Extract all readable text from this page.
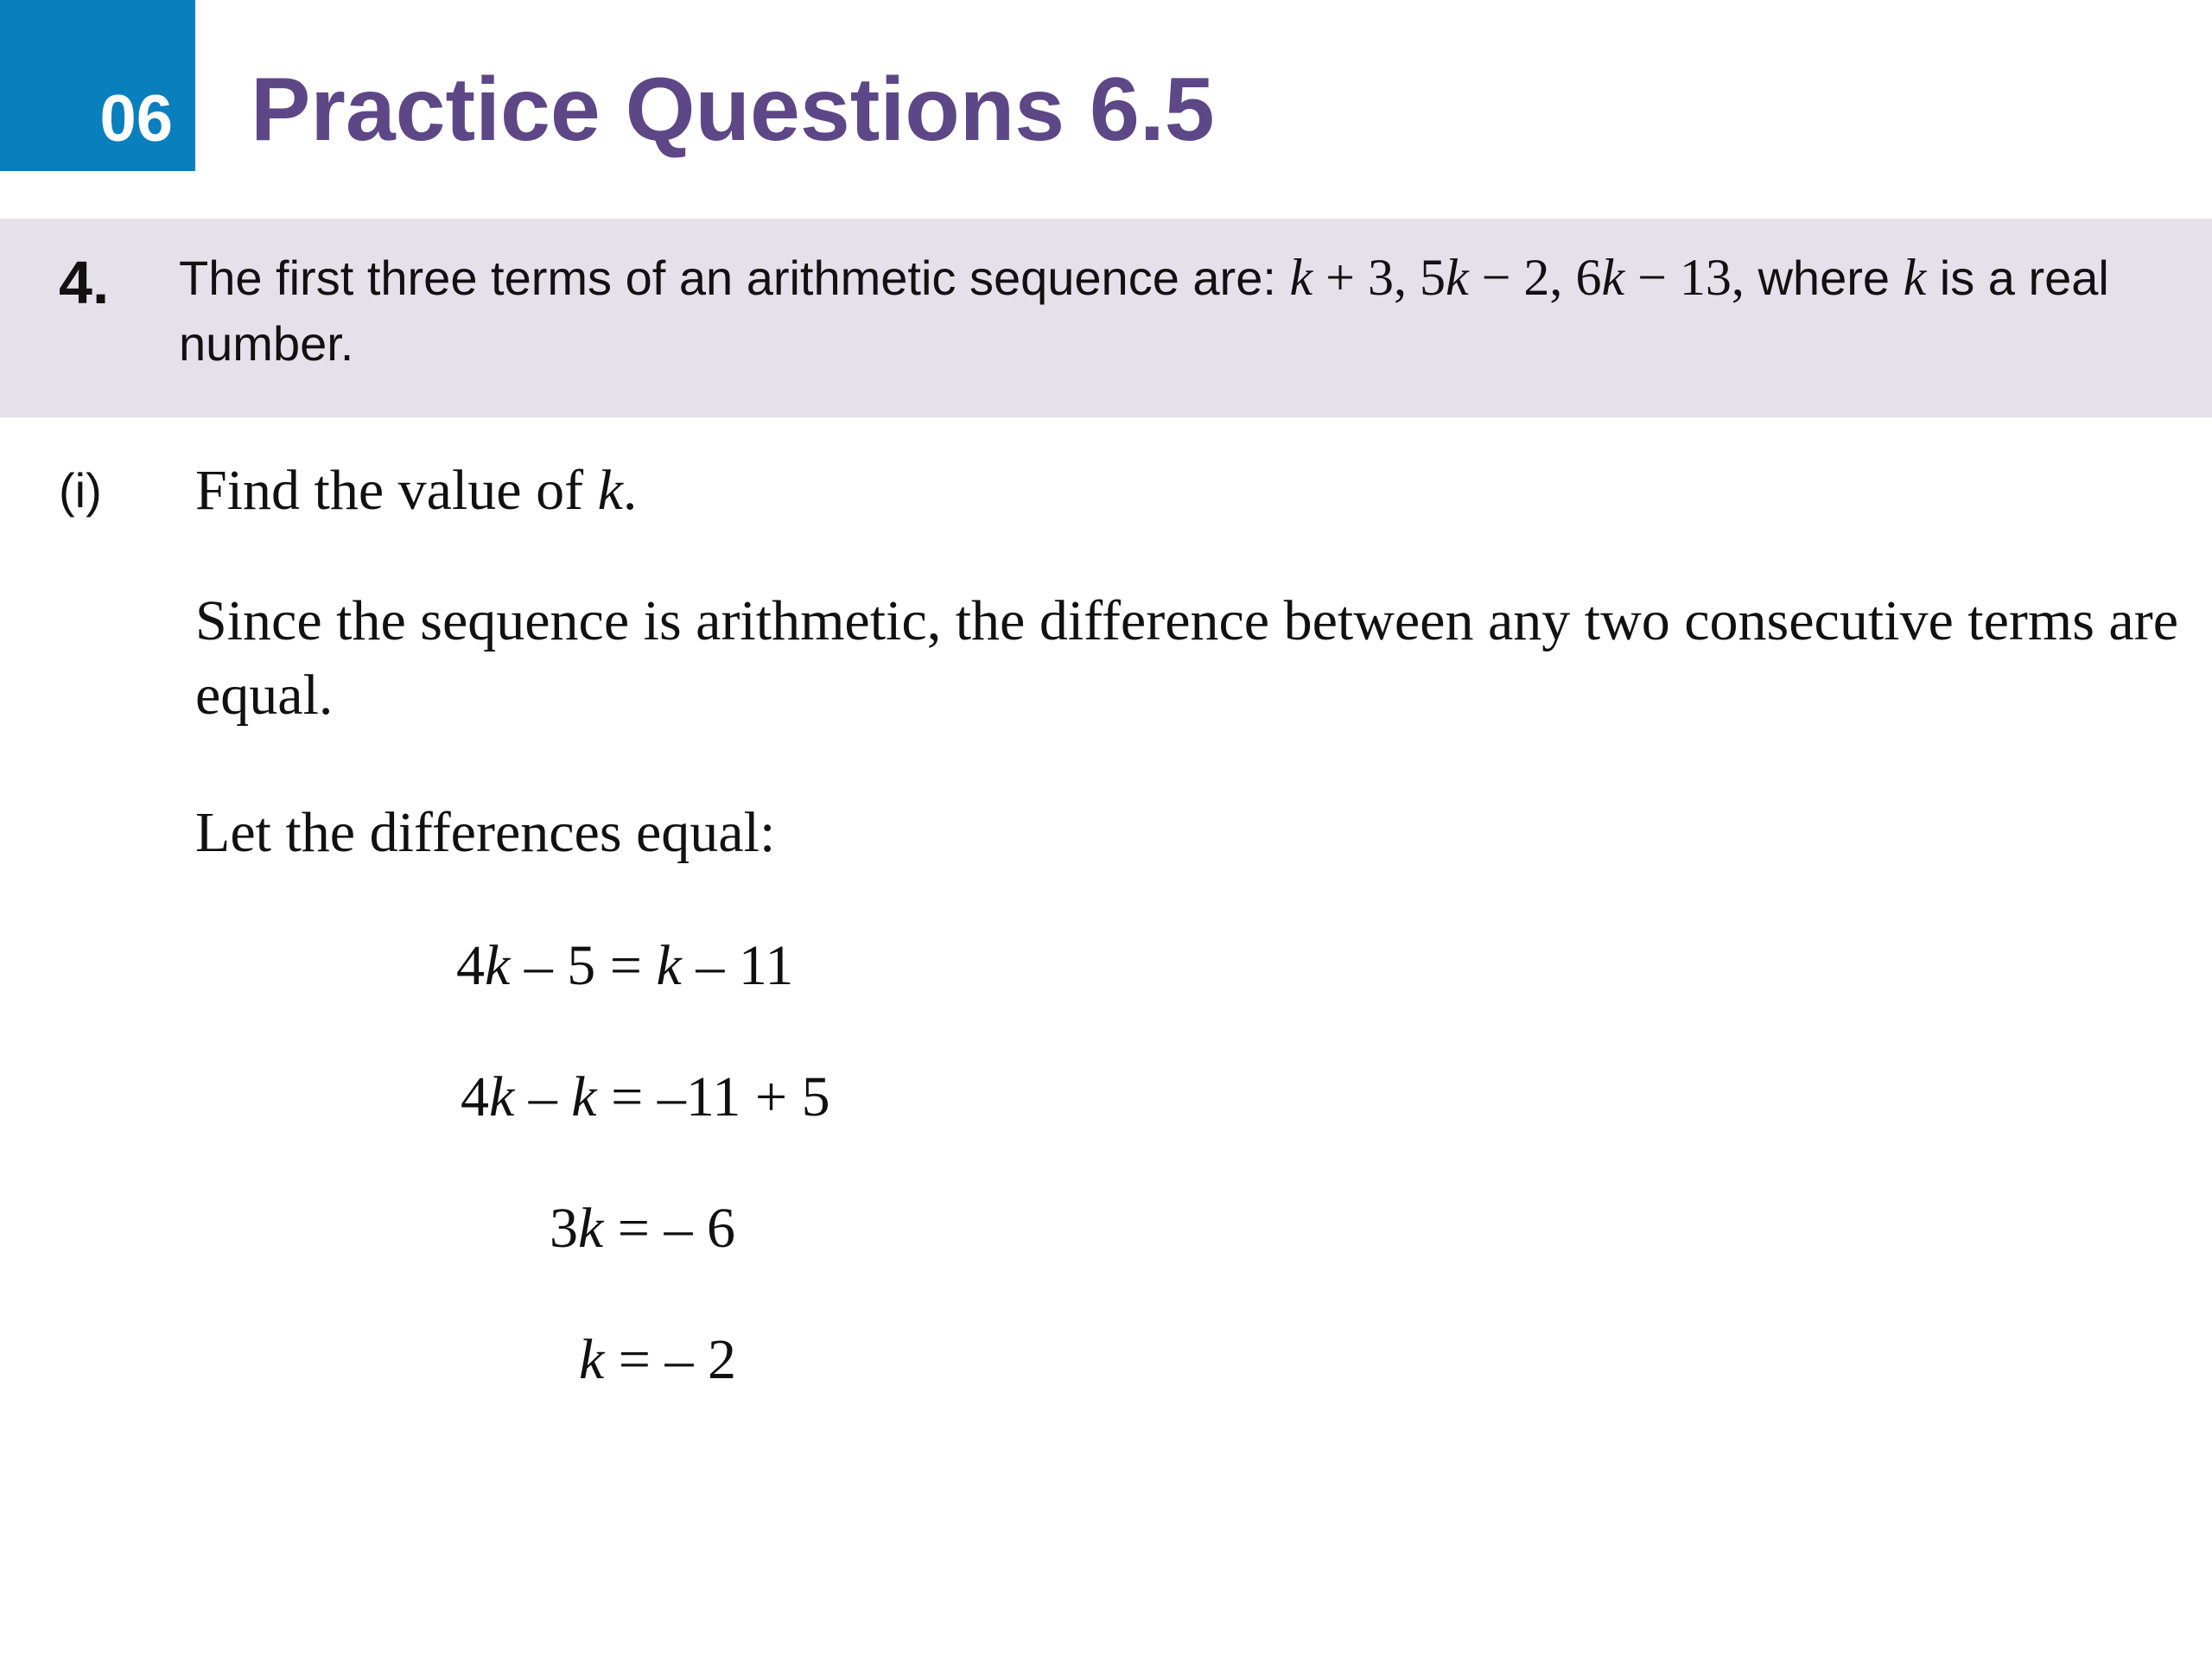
06 Practice Questions 6.5
4. The first three terms of an arithmetic sequence are: k + 3, 5k − 2, 6k − 13, where k is a real number.
(i) Find the value of k.
Since the sequence is arithmetic, the difference between any two consecutive terms are equal.
Let the differences equal:
4k – 5 = k – 11
4k – k = –11 + 5
3k = – 6
k = – 2
